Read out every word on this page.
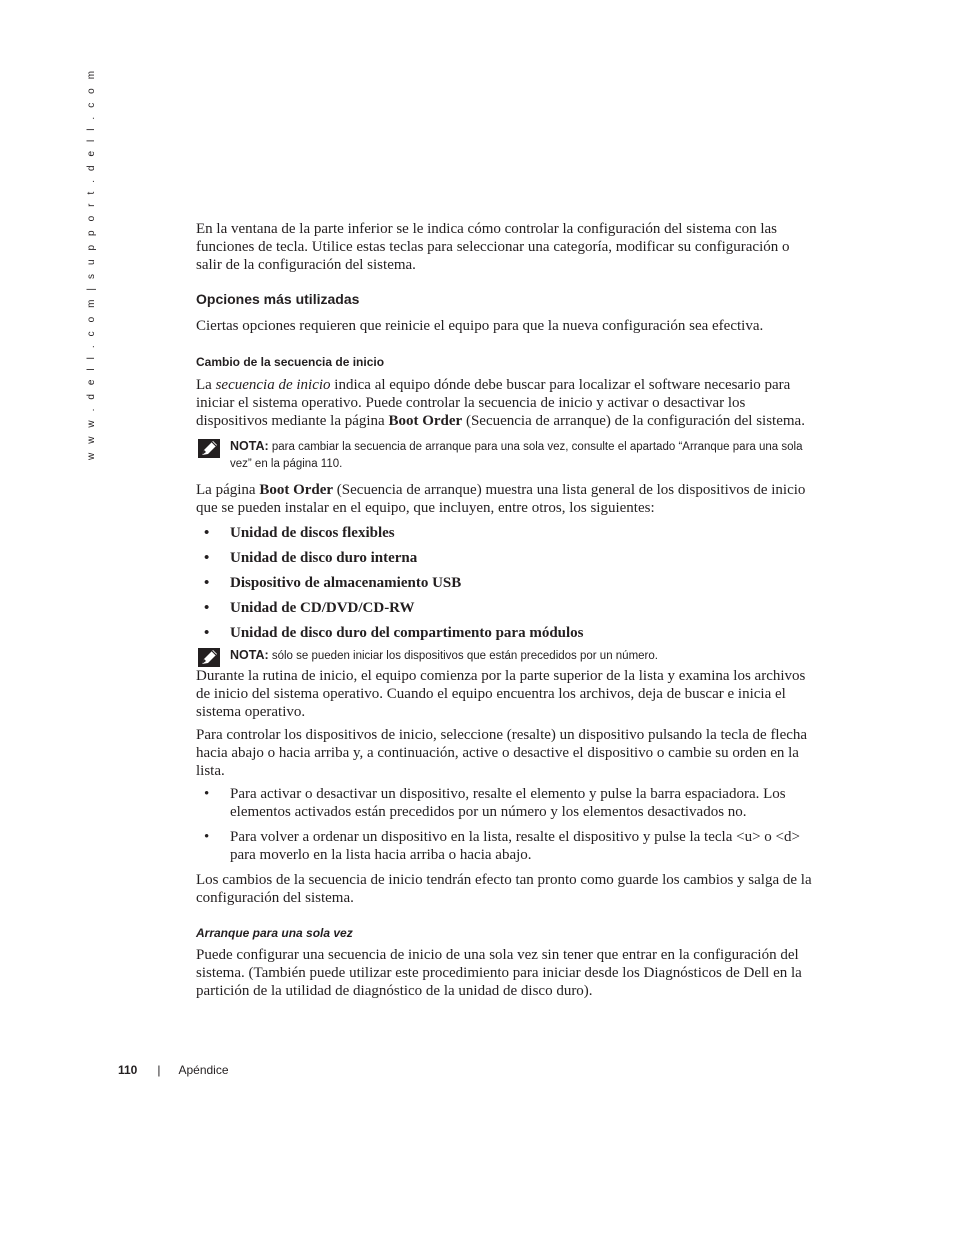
w w w . d e l l . c o m | s u p p o r t . d e l l . c o m	En la ventana de la parte inferior se le indica cómo controlar la configuración del sistema con las funciones de tecla. Utilice estas teclas para seleccionar una categoría, modificar su configuración o salir de la configuración del sistema.

Opciones más utilizadas

Ciertas opciones requieren que reinicie el equipo para que la nueva configuración sea efectiva.

Cambio de la secuencia de inicio

La secuencia de inicio indica al equipo dónde debe buscar para localizar el software necesario para iniciar el sistema operativo. Puede controlar la secuencia de inicio y activar o desactivar los dispositivos mediante la página Boot Order (Secuencia de arranque) de la configuración del sistema.

NOTA: para cambiar la secuencia de arranque para una sola vez, consulte el apartado “Arranque para una sola vez” en la página 110.

La página Boot Order (Secuencia de arranque) muestra una lista general de los dispositivos de inicio que se pueden instalar en el equipo, que incluyen, entre otros, los siguientes:

• Unidad de discos flexibles
• Unidad de disco duro interna
• Dispositivo de almacenamiento USB
• Unidad de CD/DVD/CD-RW
• Unidad de disco duro del compartimento para módulos
NOTA: sólo se pueden iniciar los dispositivos que están precedidos por un número.

Durante la rutina de inicio, el equipo comienza por la parte superior de la lista y examina los archivos de inicio del sistema operativo. Cuando el equipo encuentra los archivos, deja de buscar e inicia el sistema operativo.

Para controlar los dispositivos de inicio, seleccione (resalte) un dispositivo pulsando la tecla de flecha hacia abajo o hacia arriba y, a continuación, active o desactive el dispositivo o cambie su orden en la lista.

• Para activar o desactivar un dispositivo, resalte el elemento y pulse la barra espaciadora. Los elementos activados están precedidos por un número y los elementos desactivados no.
• Para volver a ordenar un dispositivo en la lista, resalte el dispositivo y pulse la tecla <u> o <d> para moverlo en la lista hacia arriba o hacia abajo.

Los cambios de la secuencia de inicio tendrán efecto tan pronto como guarde los cambios y salga de la configuración del sistema.

Arranque para una sola vez

Puede configurar una secuencia de inicio de una sola vez sin tener que entrar en la configuración del sistema. (También puede utilizar este procedimiento para iniciar desde los Diagnósticos de Dell en la partición de la utilidad de diagnóstico de la unidad de disco duro).

110 | Apéndice
